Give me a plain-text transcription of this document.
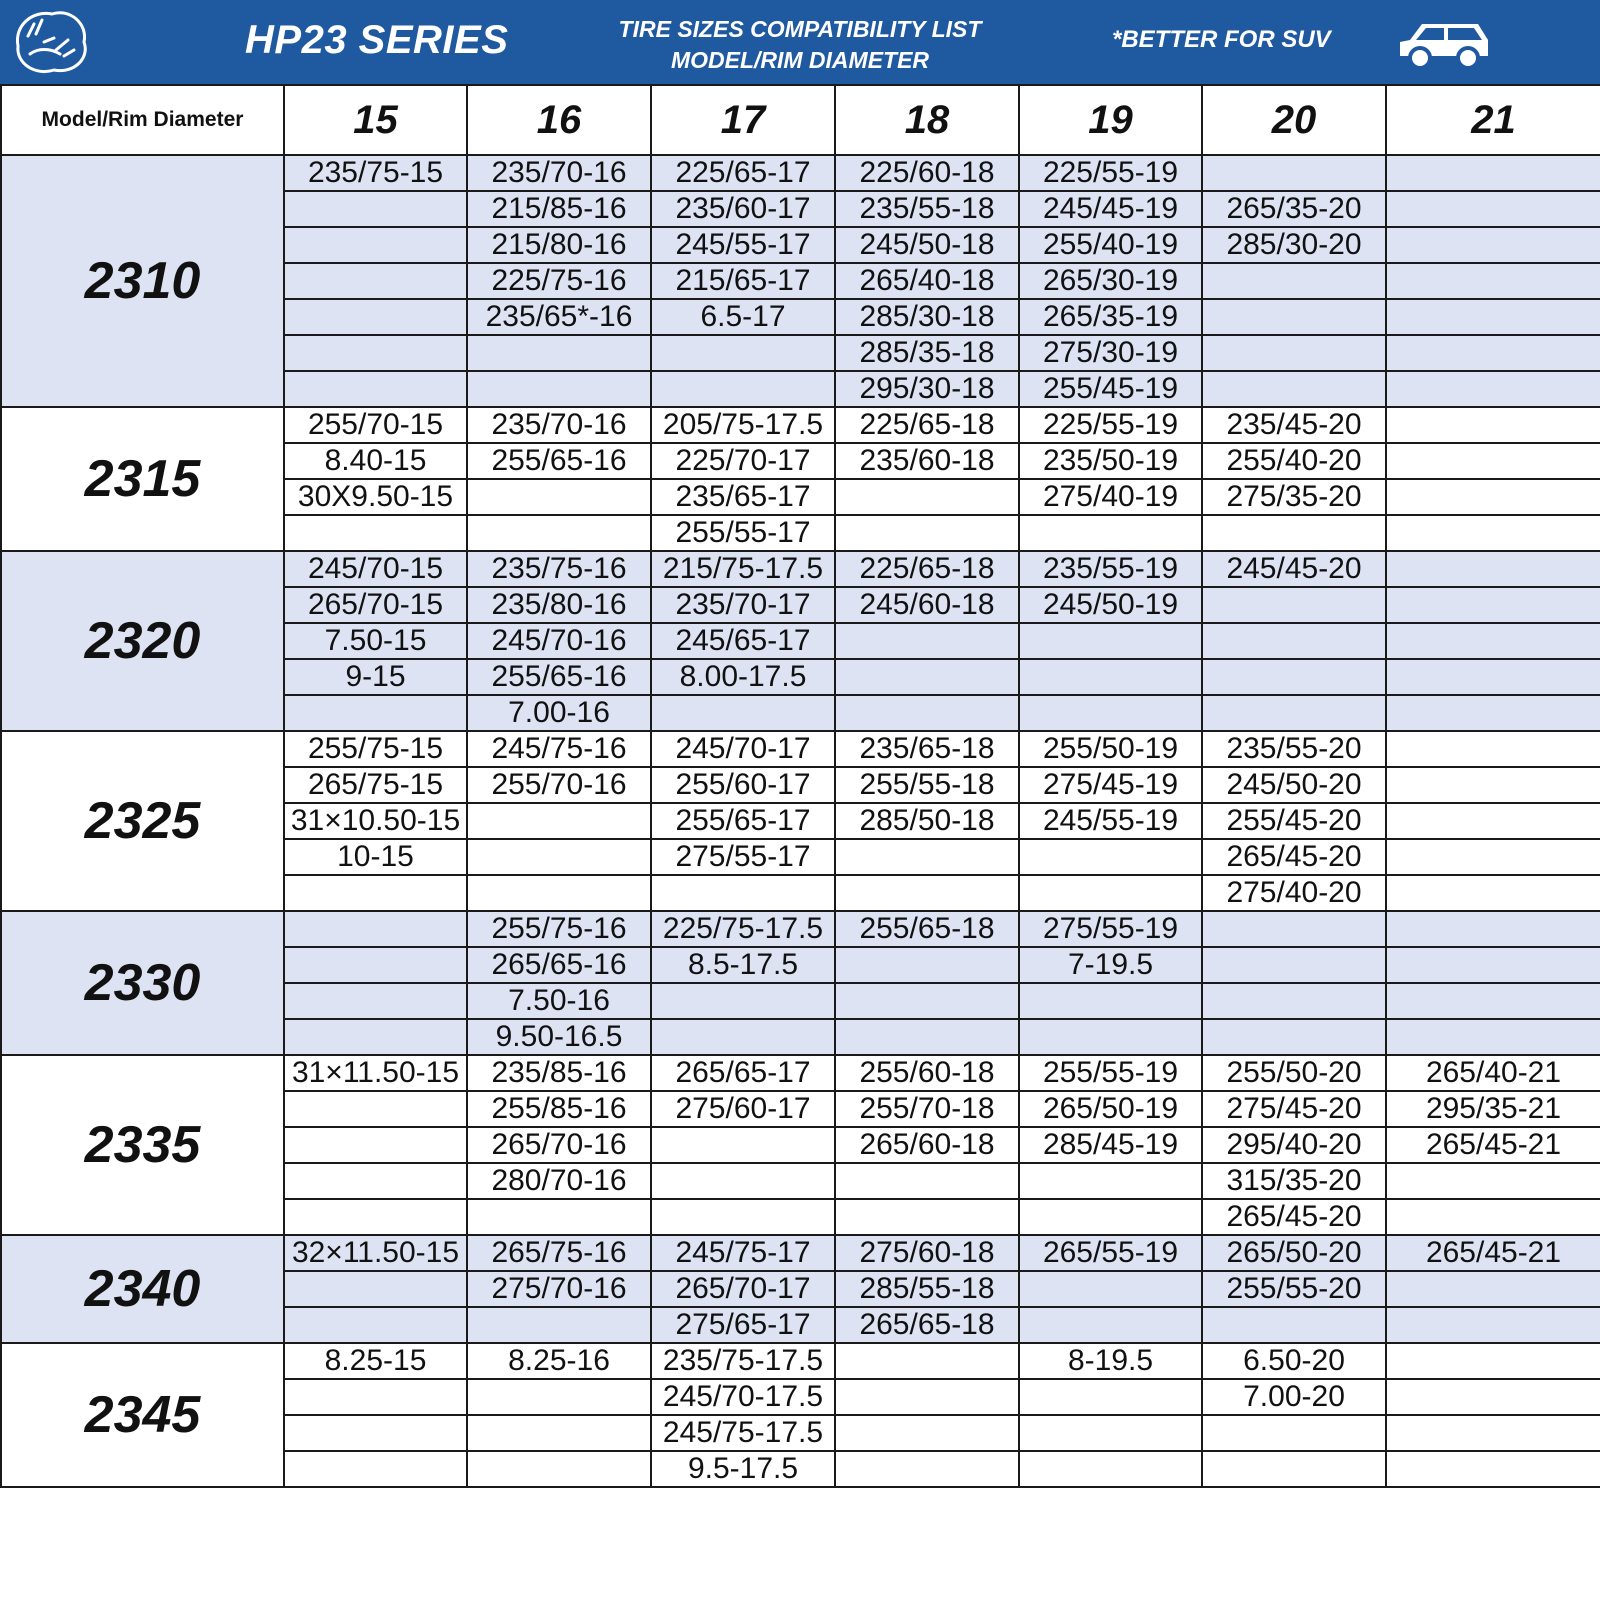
HP23 SERIES	TIRE SIZES COMPATIBILITY LIST
MODEL/RIM DIAMETER
*BETTER FOR SUV
Model/Rim Diameter	15	16	17	18	19	20	21
2310	235/75-15	235/70-16	225/65-17	225/60-18	225/55-19		
		215/85-16	235/60-17	235/55-18	245/45-19	265/35-20	
		215/80-16	245/55-17	245/50-18	255/40-19	285/30-20	
		225/75-16	215/65-17	265/40-18	265/30-19		
		235/65*-16	6.5-17	285/30-18	265/35-19		
				285/35-18	275/30-19		
				295/30-18	255/45-19		
2315	255/70-15	235/70-16	205/75-17.5	225/65-18	225/55-19	235/45-20	
	8.40-15	255/65-16	225/70-17	235/60-18	235/50-19	255/40-20	
	30X9.50-15		235/65-17		275/40-19	275/35-20	
			255/55-17				
2320	245/70-15	235/75-16	215/75-17.5	225/65-18	235/55-19	245/45-20	
	265/70-15	235/80-16	235/70-17	245/60-18	245/50-19		
	7.50-15	245/70-16	245/65-17				
	9-15	255/65-16	8.00-17.5				
		7.00-16					
2325	255/75-15	245/75-16	245/70-17	235/65-18	255/50-19	235/55-20	
	265/75-15	255/70-16	255/60-17	255/55-18	275/45-19	245/50-20	
	31×10.50-15		255/65-17	285/50-18	245/55-19	255/45-20	
	10-15		275/55-17			265/45-20	
						275/40-20	
2330		255/75-16	225/75-17.5	255/65-18	275/55-19		
		265/65-16	8.5-17.5		7-19.5		
		7.50-16					
		9.50-16.5					
2335	31×11.50-15	235/85-16	265/65-17	255/60-18	255/55-19	255/50-20	265/40-21
		255/85-16	275/60-17	255/70-18	265/50-19	275/45-20	295/35-21
		265/70-16		265/60-18	285/45-19	295/40-20	265/45-21
		280/70-16				315/35-20	
						265/45-20	
2340	32×11.50-15	265/75-16	245/75-17	275/60-18	265/55-19	265/50-20	265/45-21
		275/70-16	265/70-17	285/55-18		255/55-20	
			275/65-17	265/65-18			
2345	8.25-15	8.25-16	235/75-17.5		8-19.5	6.50-20	
			245/70-17.5			7.00-20	
			245/75-17.5				
			9.5-17.5				
